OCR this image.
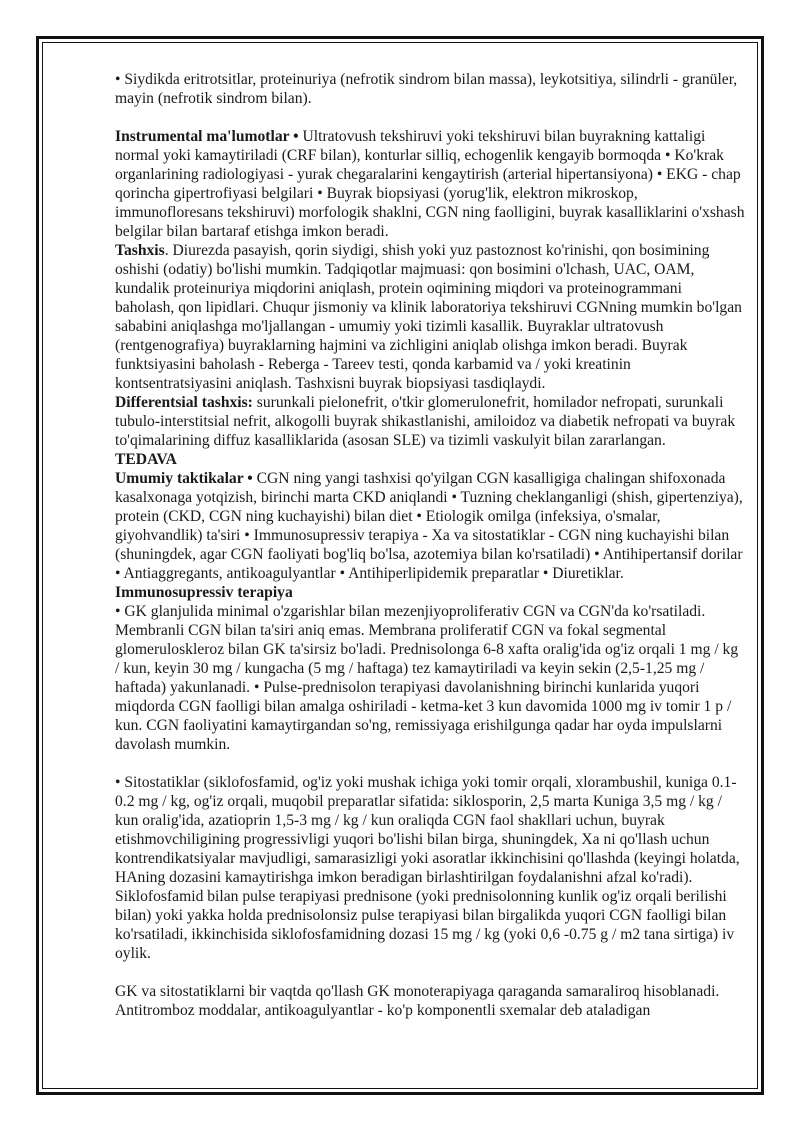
• Siydikda eritrotsitlar, proteinuriya (nefrotik sindrom bilan massa), leykotsitiya, silindrli - granüler, mayin (nefrotik sindrom bilan).

Instrumental ma'lumotlar • Ultratovush tekshiruvi yoki tekshiruvi bilan buyrakning kattaligi normal yoki kamaytiriladi (CRF bilan), konturlar silliq, echogenlik kengayib bormoqda • Ko'krak organlarining radiologiyasi - yurak chegaralarini kengaytirish (arterial hipertansiyona) • EKG - chap qorincha gipertrofiyasi belgilari • Buyrak biopsiyasi (yorug'lik, elektron mikroskop, immunofloresans tekshiruvi) morfologik shaklni, CGN ning faolligini, buyrak kasalliklarini o'xshash belgilar bilan bartaraf etishga imkon beradi.

Tashxis. Diurezda pasayish, qorin siydigi, shish yoki yuz pastoznost ko'rinishi, qon bosimining oshishi (odatiy) bo'lishi mumkin. Tadqiqotlar majmuasi: qon bosimini o'lchash, UAC, OAM, kundalik proteinuriya miqdorini aniqlash, protein oqimining miqdori va proteinogrammani baholash, qon lipidlari. Chuqur jismoniy va klinik laboratoriya tekshiruvi CGNning mumkin bo'lgan sababini aniqlashga mo'ljallangan - umumiy yoki tizimli kasallik. Buyraklar ultratovush (rentgenografiya) buyraklarning hajmini va zichligini aniqlab olishga imkon beradi. Buyrak funktsiyasini baholash - Reberga - Tareev testi, qonda karbamid va / yoki kreatinin kontsentratsiyasini aniqlash. Tashxisni buyrak biopsiyasi tasdiqlaydi.

Differentsial tashxis: surunkali pielonefrit, o'tkir glomerulonefrit, homilador nefropati, surunkali tubulo-interstitsial nefrit, alkogolli buyrak shikastlanishi, amiloidoz va diabetik nefropati va buyrak to'qimalarining diffuz kasalliklarida (asosan SLE) va tizimli vaskulyit bilan zararlangan.

TEDAVA

Umumiy taktikalar • CGN ning yangi tashxisi qo'yilgan CGN kasalligiga chalingan shifoxonada kasalxonaga yotqizish, birinchi marta CKD aniqlandi • Tuzning cheklanganligi (shish, gipertenziya), protein (CKD, CGN ning kuchayishi) bilan diet • Etiologik omilga (infeksiya, o'smalar, giyohvandlik) ta'siri • Immunosupressiv terapiya - Xa va sitostatiklar - CGN ning kuchayishi bilan (shuningdek, agar CGN faoliyati bog'liq bo'lsa, azotemiya bilan ko'rsatiladi) • Antihipertansif dorilar • Antiaggregants, antikoagulyantlar • Antihiperlipidemik preparatlar • Diuretiklar.

Immunosupressiv terapiya

• GK glanjulida minimal o'zgarishlar bilan mezenjiyoproliferativ CGN va CGN'da ko'rsatiladi. Membranli CGN bilan ta'siri aniq emas. Membrana proliferatif CGN va fokal segmental glomeruloskleroz bilan GK ta'sirsiz bo'ladi. Prednisolonga 6-8 xafta oralig'ida og'iz orqali 1 mg / kg / kun, keyin 30 mg / kungacha (5 mg / haftaga) tez kamaytiriladi va keyin sekin (2,5-1,25 mg / haftada) yakunlanadi. • Pulse-prednisolon terapiyasi davolanishning birinchi kunlarida yuqori miqdorda CGN faolligi bilan amalga oshiriladi - ketma-ket 3 kun davomida 1000 mg iv tomir 1 p / kun. CGN faoliyatini kamaytirgandan so'ng, remissiyaga erishilgunga qadar har oyda impulslarni davolash mumkin.

• Sitostatiklar (siklofosfamid, og'iz yoki mushak ichiga yoki tomir orqali, xlorambushil, kuniga 0.1-0.2 mg / kg, og'iz orqali, muqobil preparatlar sifatida: siklosporin, 2,5 marta Kuniga 3,5 mg / kg / kun oralig'ida, azatioprin 1,5-3 mg / kg / kun oraliqda CGN faol shakllari uchun, buyrak etishmovchiligining progressivligi yuqori bo'lishi bilan birga, shuningdek, Xa ni qo'llash uchun kontrendikatsiyalar mavjudligi, samarasizligi yoki asoratlar ikkinchisini qo'llashda (keyingi holatda, HAning dozasini kamaytirishga imkon beradigan birlashtirilgan foydalanishni afzal ko'radi). Siklofosfamid bilan pulse terapiyasi prednisone (yoki prednisolonning kunlik og'iz orqali berilishi bilan) yoki yakka holda prednisolonsiz pulse terapiyasi bilan birgalikda yuqori CGN faolligi bilan ko'rsatiladi, ikkinchisida siklofosfamidning dozasi 15 mg / kg (yoki 0,6 -0.75 g / m2 tana sirtiga) iv oylik.

GK va sitostatiklarni bir vaqtda qo'llash GK monoterapiyaga qaraganda samaraliroq hisoblanadi. Antitromboz moddalar, antikoagulyantlar - ko'p komponentli sxemalar deb ataladigan
